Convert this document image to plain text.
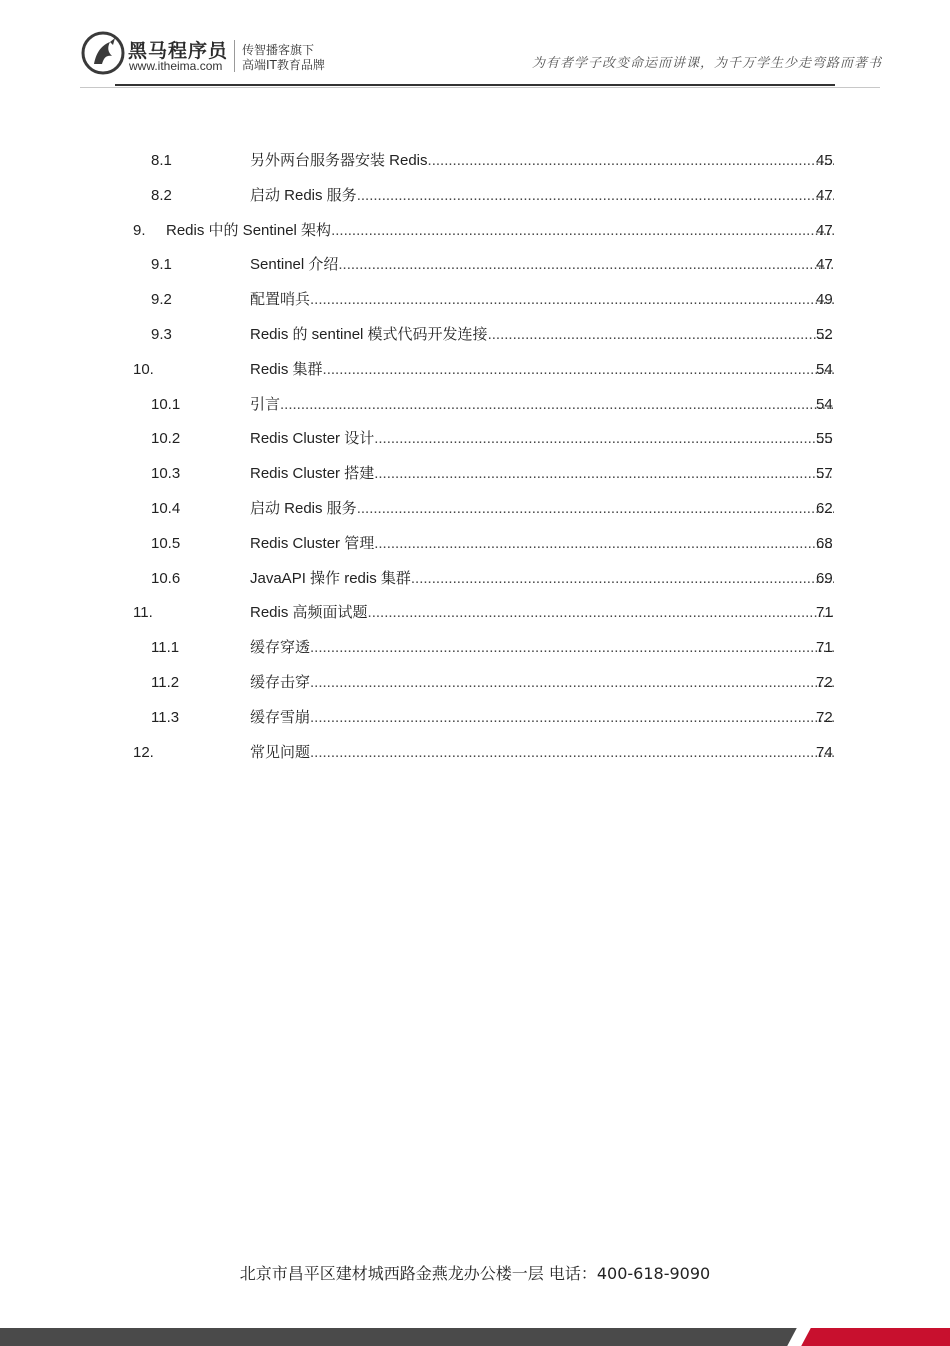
黑马程序员
www.itheima.com
传智播客旗下
高端IT教育品牌	为有者学子改变命运而讲课，为千万学生少走弯路而著书
8.1	另外两台服务器安装 Redis .....	45
8.2	启动 Redis 服务 .....	47
9. Redis 中的 Sentinel 架构 .....	47
9.1	Sentinel 介绍 .....	47
9.2	配置哨兵 .....	49
9.3	Redis 的 sentinel 模式代码开发连接 .....	52
10.	Redis 集群 .....	54
10.1	引言 .....	54
10.2	Redis Cluster 设计 .....	55
10.3	Redis Cluster 搭建 .....	57
10.4	启动 Redis 服务 .....	62
10.5	Redis Cluster 管理 .....	68
10.6	JavaAPI 操作 redis 集群 .....	69
11.	Redis 高频面试题 .....	71
11.1	缓存穿透 .....	71
11.2	缓存击穿 .....	72
11.3	缓存雪崩 .....	72
12.	常见问题 .....	74
北京市昌平区建材城西路金燕龙办公楼一层 电话：400-618-9090
